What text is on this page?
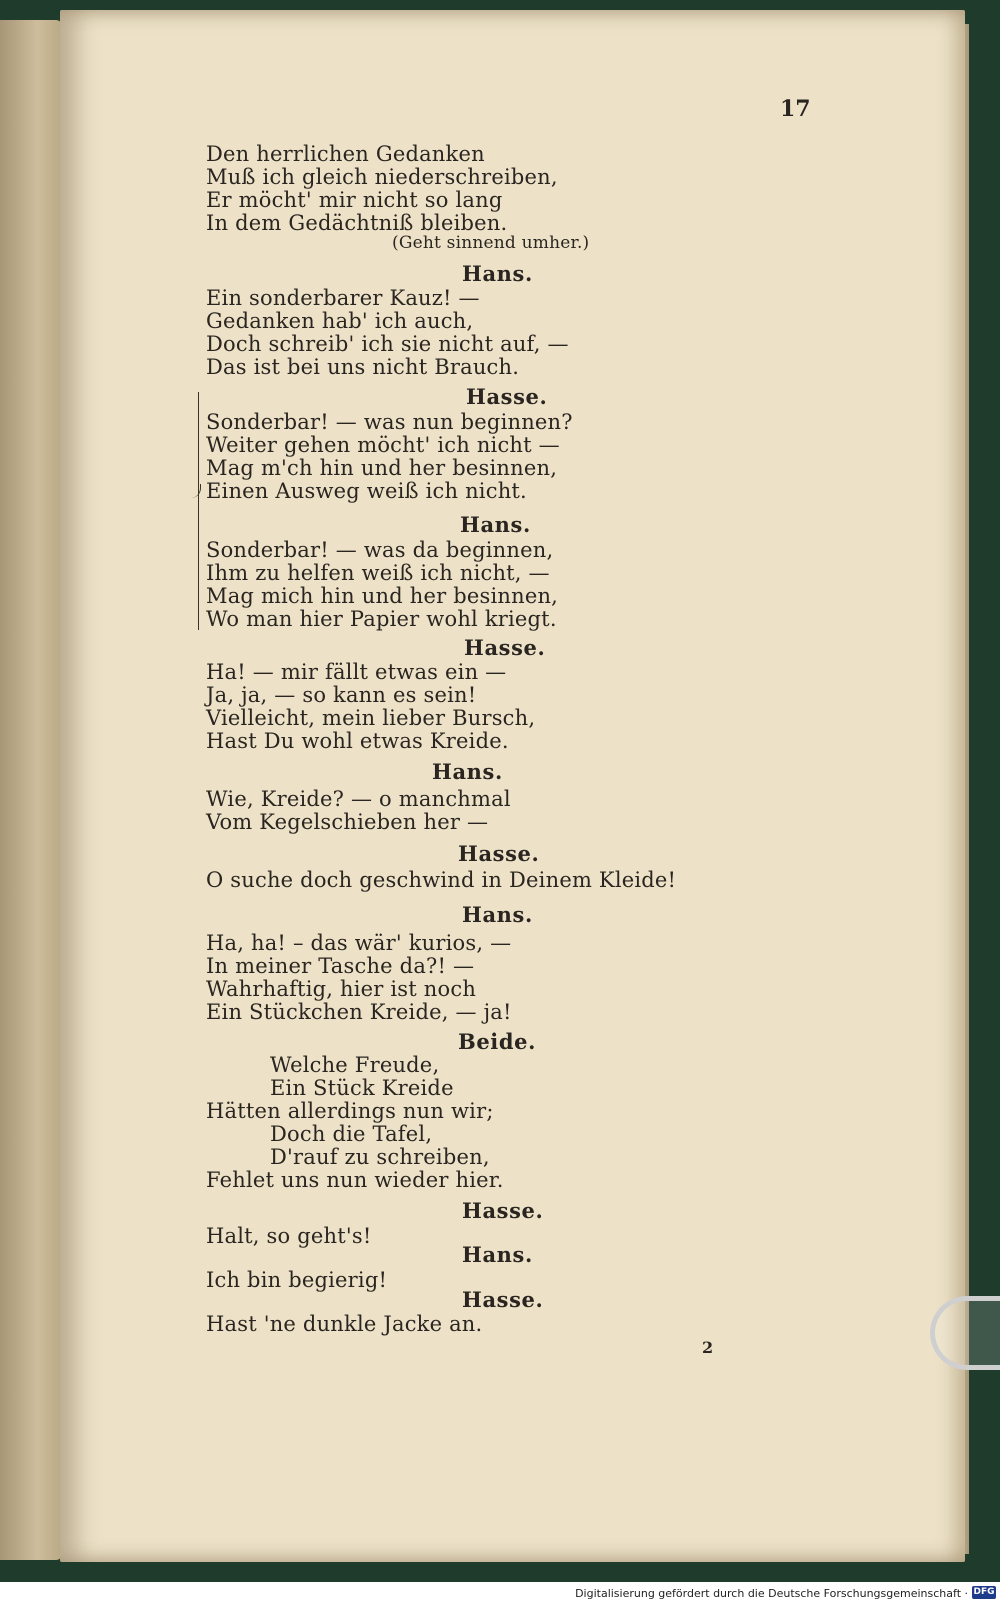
17
Den herrlichen Gedanken
Muß ich gleich niederschreiben,
Er möcht' mir nicht so lang
In dem Gedächtniß bleiben.
(Geht sinnend umher.)
Hans.
Ein sonderbarer Kauz! —
Gedanken hab' ich auch,
Doch schreib' ich sie nicht auf, —
Das ist bei uns nicht Brauch.
Hasse.
Sonderbar! — was nun beginnen?
Weiter gehen möcht' ich nicht —
Mag m'ch hin und her besinnen,
Einen Ausweg weiß ich nicht.
Hans.
Sonderbar! — was da beginnen,
Ihm zu helfen weiß ich nicht, —
Mag mich hin und her besinnen,
Wo man hier Papier wohl kriegt.
Hasse.
Ha! — mir fällt etwas ein —
Ja, ja, — so kann es sein!
Vielleicht, mein lieber Bursch,
Hast Du wohl etwas Kreide.
Hans.
Wie, Kreide? — o manchmal
Vom Kegelschieben her —
Hasse.
O suche doch geschwind in Deinem Kleide!
Hans.
Ha, ha! – das wär' kurios, —
In meiner Tasche da?! —
Wahrhaftig, hier ist noch
Ein Stückchen Kreide, — ja!
Beide.
Welche Freude,
Ein Stück Kreide
Hätten allerdings nun wir;
Doch die Tafel,
D'rauf zu schreiben,
Fehlet uns nun wieder hier.
Hasse.
Halt, so geht's!
Hans.
Ich bin begierig!
Hasse.
Hast 'ne dunkle Jacke an.
2
Digitalisierung gefördert durch die Deutsche Forschungsgemeinschaft · DFG
